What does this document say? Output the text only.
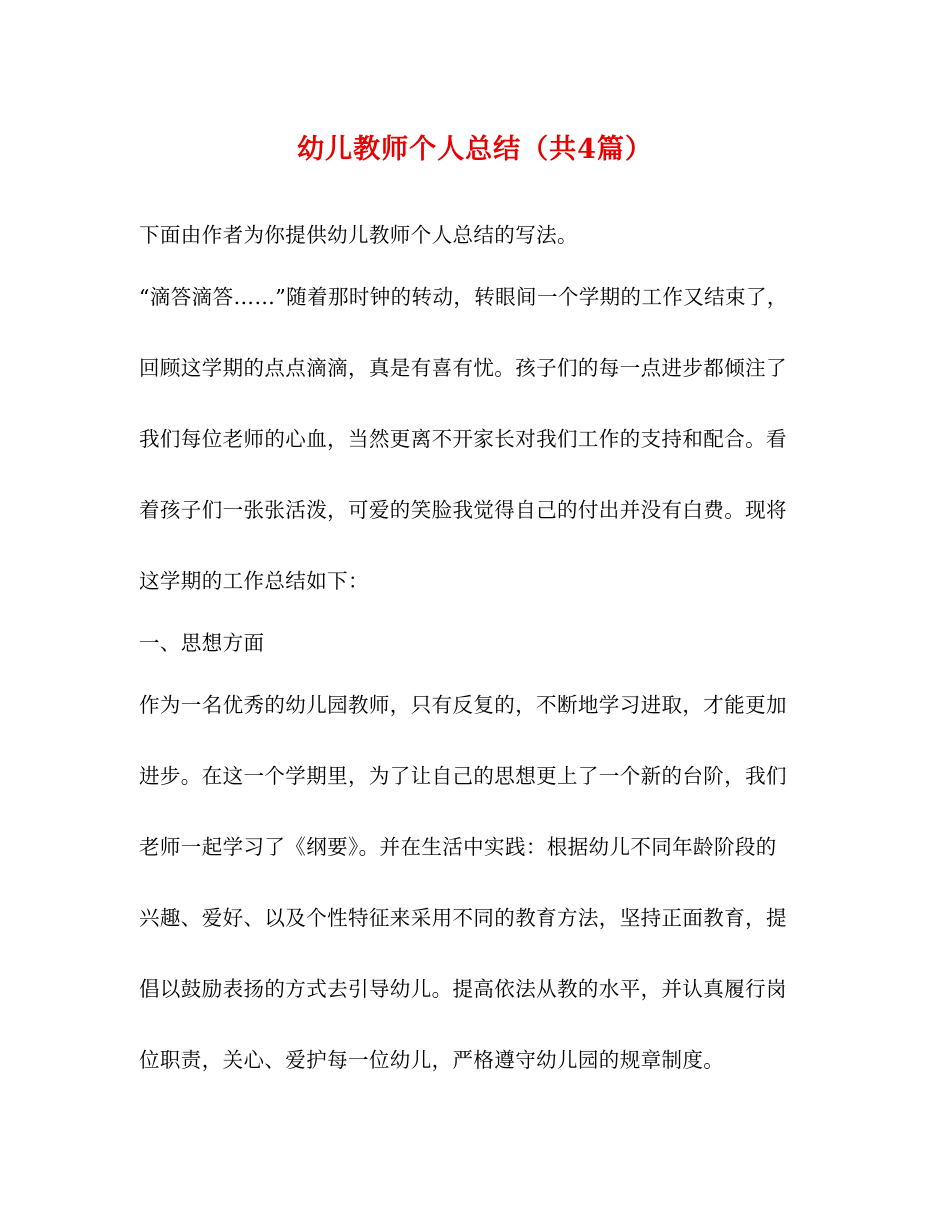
幼儿教师个人总结（共4篇）
下面由作者为你提供幼儿教师个人总结的写法。
“滴答滴答……”随着那时钟的转动，转眼间一个学期的工作又结束了，
回顾这学期的点点滴滴，真是有喜有忧。孩子们的每一点进步都倾注了
我们每位老师的心血，当然更离不开家长对我们工作的支持和配合。看
着孩子们一张张活泼，可爱的笑脸我觉得自己的付出并没有白费。现将
这学期的工作总结如下：
一、思想方面
作为一名优秀的幼儿园教师，只有反复的，不断地学习进取，才能更加
进步。在这一个学期里，为了让自己的思想更上了一个新的台阶，我们
老师一起学习了《纲要》。并在生活中实践：根据幼儿不同年龄阶段的
兴趣、爱好、以及个性特征来采用不同的教育方法，坚持正面教育，提
倡以鼓励表扬的方式去引导幼儿。提高依法从教的水平，并认真履行岗
位职责，关心、爱护每一位幼儿，严格遵守幼儿园的规章制度。
